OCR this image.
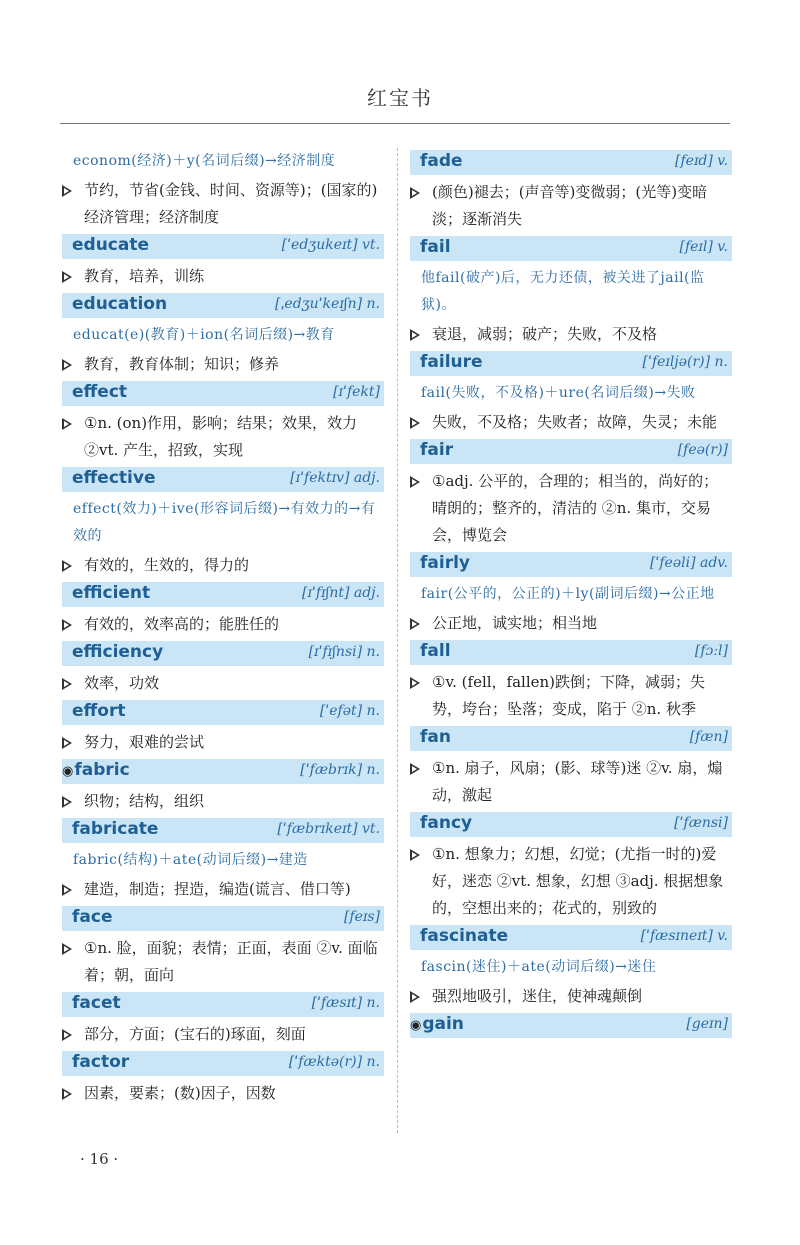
红宝书
econom(经济)＋y(名词后缀)→经济制度
节约，节省(金钱、时间、资源等)；(国家的)经济管理；经济制度
educate	[ˈedʒukeɪt] vt.
教育，培养，训练
education	[ˌedʒuˈkeɪʃn] n.
educat(e)(教育)＋ion(名词后缀)→教育
教育，教育体制；知识；修养
effect	[ɪˈfekt]
①n. (on)作用，影响；结果；效果，效力 ②vt. 产生，招致，实现
effective	[ɪˈfektɪv] adj.
effect(效力)＋ive(形容词后缀)→有效力的→有效的
有效的，生效的，得力的
efficient	[ɪˈfɪʃnt] adj.
有效的，效率高的；能胜任的
efficiency	[ɪˈfɪʃnsi] n.
效率，功效
effort	[ˈefət] n.
努力，艰难的尝试
◉fabric	[ˈfæbrɪk] n.
织物；结构，组织
fabricate	[ˈfæbrɪkeɪt] vt.
fabric(结构)＋ate(动词后缀)→建造
建造，制造；捏造，编造(谎言、借口等)
face	[feɪs]
①n. 脸，面貌；表情；正面，表面 ②v. 面临着；朝，面向
facet	[ˈfæsɪt] n.
部分，方面；(宝石的)琢面，刻面
factor	[ˈfæktə(r)] n.
因素，要素；(数)因子，因数
fade	[feɪd] v.
(颜色)褪去；(声音等)变微弱；(光等)变暗淡；逐渐消失
fail	[feɪl] v.
他fail(破产)后，无力还债，被关进了jail(监狱)。
衰退，减弱；破产；失败，不及格
failure	[ˈfeɪljə(r)] n.
fail(失败，不及格)＋ure(名词后缀)→失败
失败，不及格；失败者；故障，失灵；未能
fair	[feə(r)]
①adj. 公平的，合理的；相当的，尚好的；晴朗的；整齐的，清洁的 ②n. 集市，交易会，博览会
fairly	[ˈfeəli] adv.
fair(公平的，公正的)＋ly(副词后缀)→公正地
公正地，诚实地；相当地
fall	[fɔːl]
①v. (fell，fallen)跌倒；下降，减弱；失势，垮台；坠落；变成，陷于 ②n. 秋季
fan	[fæn]
①n. 扇子，风扇；(影、球等)迷 ②v. 扇，煽动，激起
fancy	[ˈfænsi]
①n. 想象力；幻想，幻觉；(尤指一时的)爱好，迷恋 ②vt. 想象，幻想 ③adj. 根据想象的，空想出来的；花式的，别致的
fascinate	[ˈfæsɪneɪt] v.
fascin(迷住)＋ate(动词后缀)→迷住
强烈地吸引，迷住，使神魂颠倒
◉gain	[geɪn]
· 16 ·
